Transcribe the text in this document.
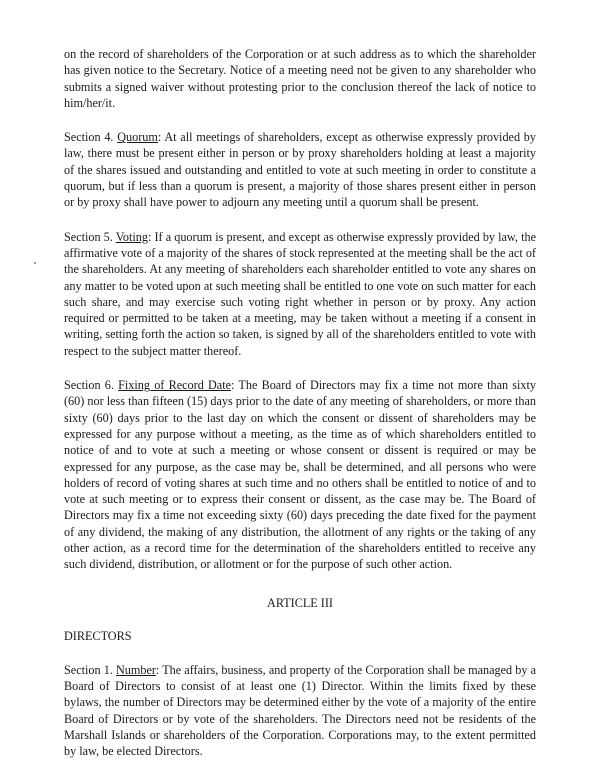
on the record of shareholders of the Corporation or at such address as to which the shareholder has given notice to the Secretary. Notice of a meeting need not be given to any shareholder who submits a signed waiver without protesting prior to the conclusion thereof the lack of notice to him/her/it.

Section 4. Quorum: At all meetings of shareholders, except as otherwise expressly provided by law, there must be present either in person or by proxy shareholders holding at least a majority of the shares issued and outstanding and entitled to vote at such meeting in order to constitute a quorum, but if less than a quorum is present, a majority of those shares present either in person or by proxy shall have power to adjourn any meeting until a quorum shall be present.

Section 5. Voting: If a quorum is present, and except as otherwise expressly provided by law, the affirmative vote of a majority of the shares of stock represented at the meeting shall be the act of the shareholders. At any meeting of shareholders each shareholder entitled to vote any shares on any matter to be voted upon at such meeting shall be entitled to one vote on such matter for each such share, and may exercise such voting right whether in person or by proxy. Any action required or permitted to be taken at a meeting, may be taken without a meeting if a consent in writing, setting forth the action so taken, is signed by all of the shareholders entitled to vote with respect to the subject matter thereof.

Section 6. Fixing of Record Date: The Board of Directors may fix a time not more than sixty (60) nor less than fifteen (15) days prior to the date of any meeting of shareholders, or more than sixty (60) days prior to the last day on which the consent or dissent of shareholders may be expressed for any purpose without a meeting, as the time as of which shareholders entitled to notice of and to vote at such a meeting or whose consent or dissent is required or may be expressed for any purpose, as the case may be, shall be determined, and all persons who were holders of record of voting shares at such time and no others shall be entitled to notice of and to vote at such meeting or to express their consent or dissent, as the case may be. The Board of Directors may fix a time not exceeding sixty (60) days preceding the date fixed for the payment of any dividend, the making of any distribution, the allotment of any rights or the taking of any other action, as a record time for the determination of the shareholders entitled to receive any such dividend, distribution, or allotment or for the purpose of such other action.

ARTICLE III
DIRECTORS

Section 1. Number: The affairs, business, and property of the Corporation shall be managed by a Board of Directors to consist of at least one (1) Director. Within the limits fixed by these bylaws, the number of Directors may be determined either by the vote of a majority of the entire Board of Directors or by vote of the shareholders. The Directors need not be residents of the Marshall Islands or shareholders of the Corporation. Corporations may, to the extent permitted by law, be elected Directors.
